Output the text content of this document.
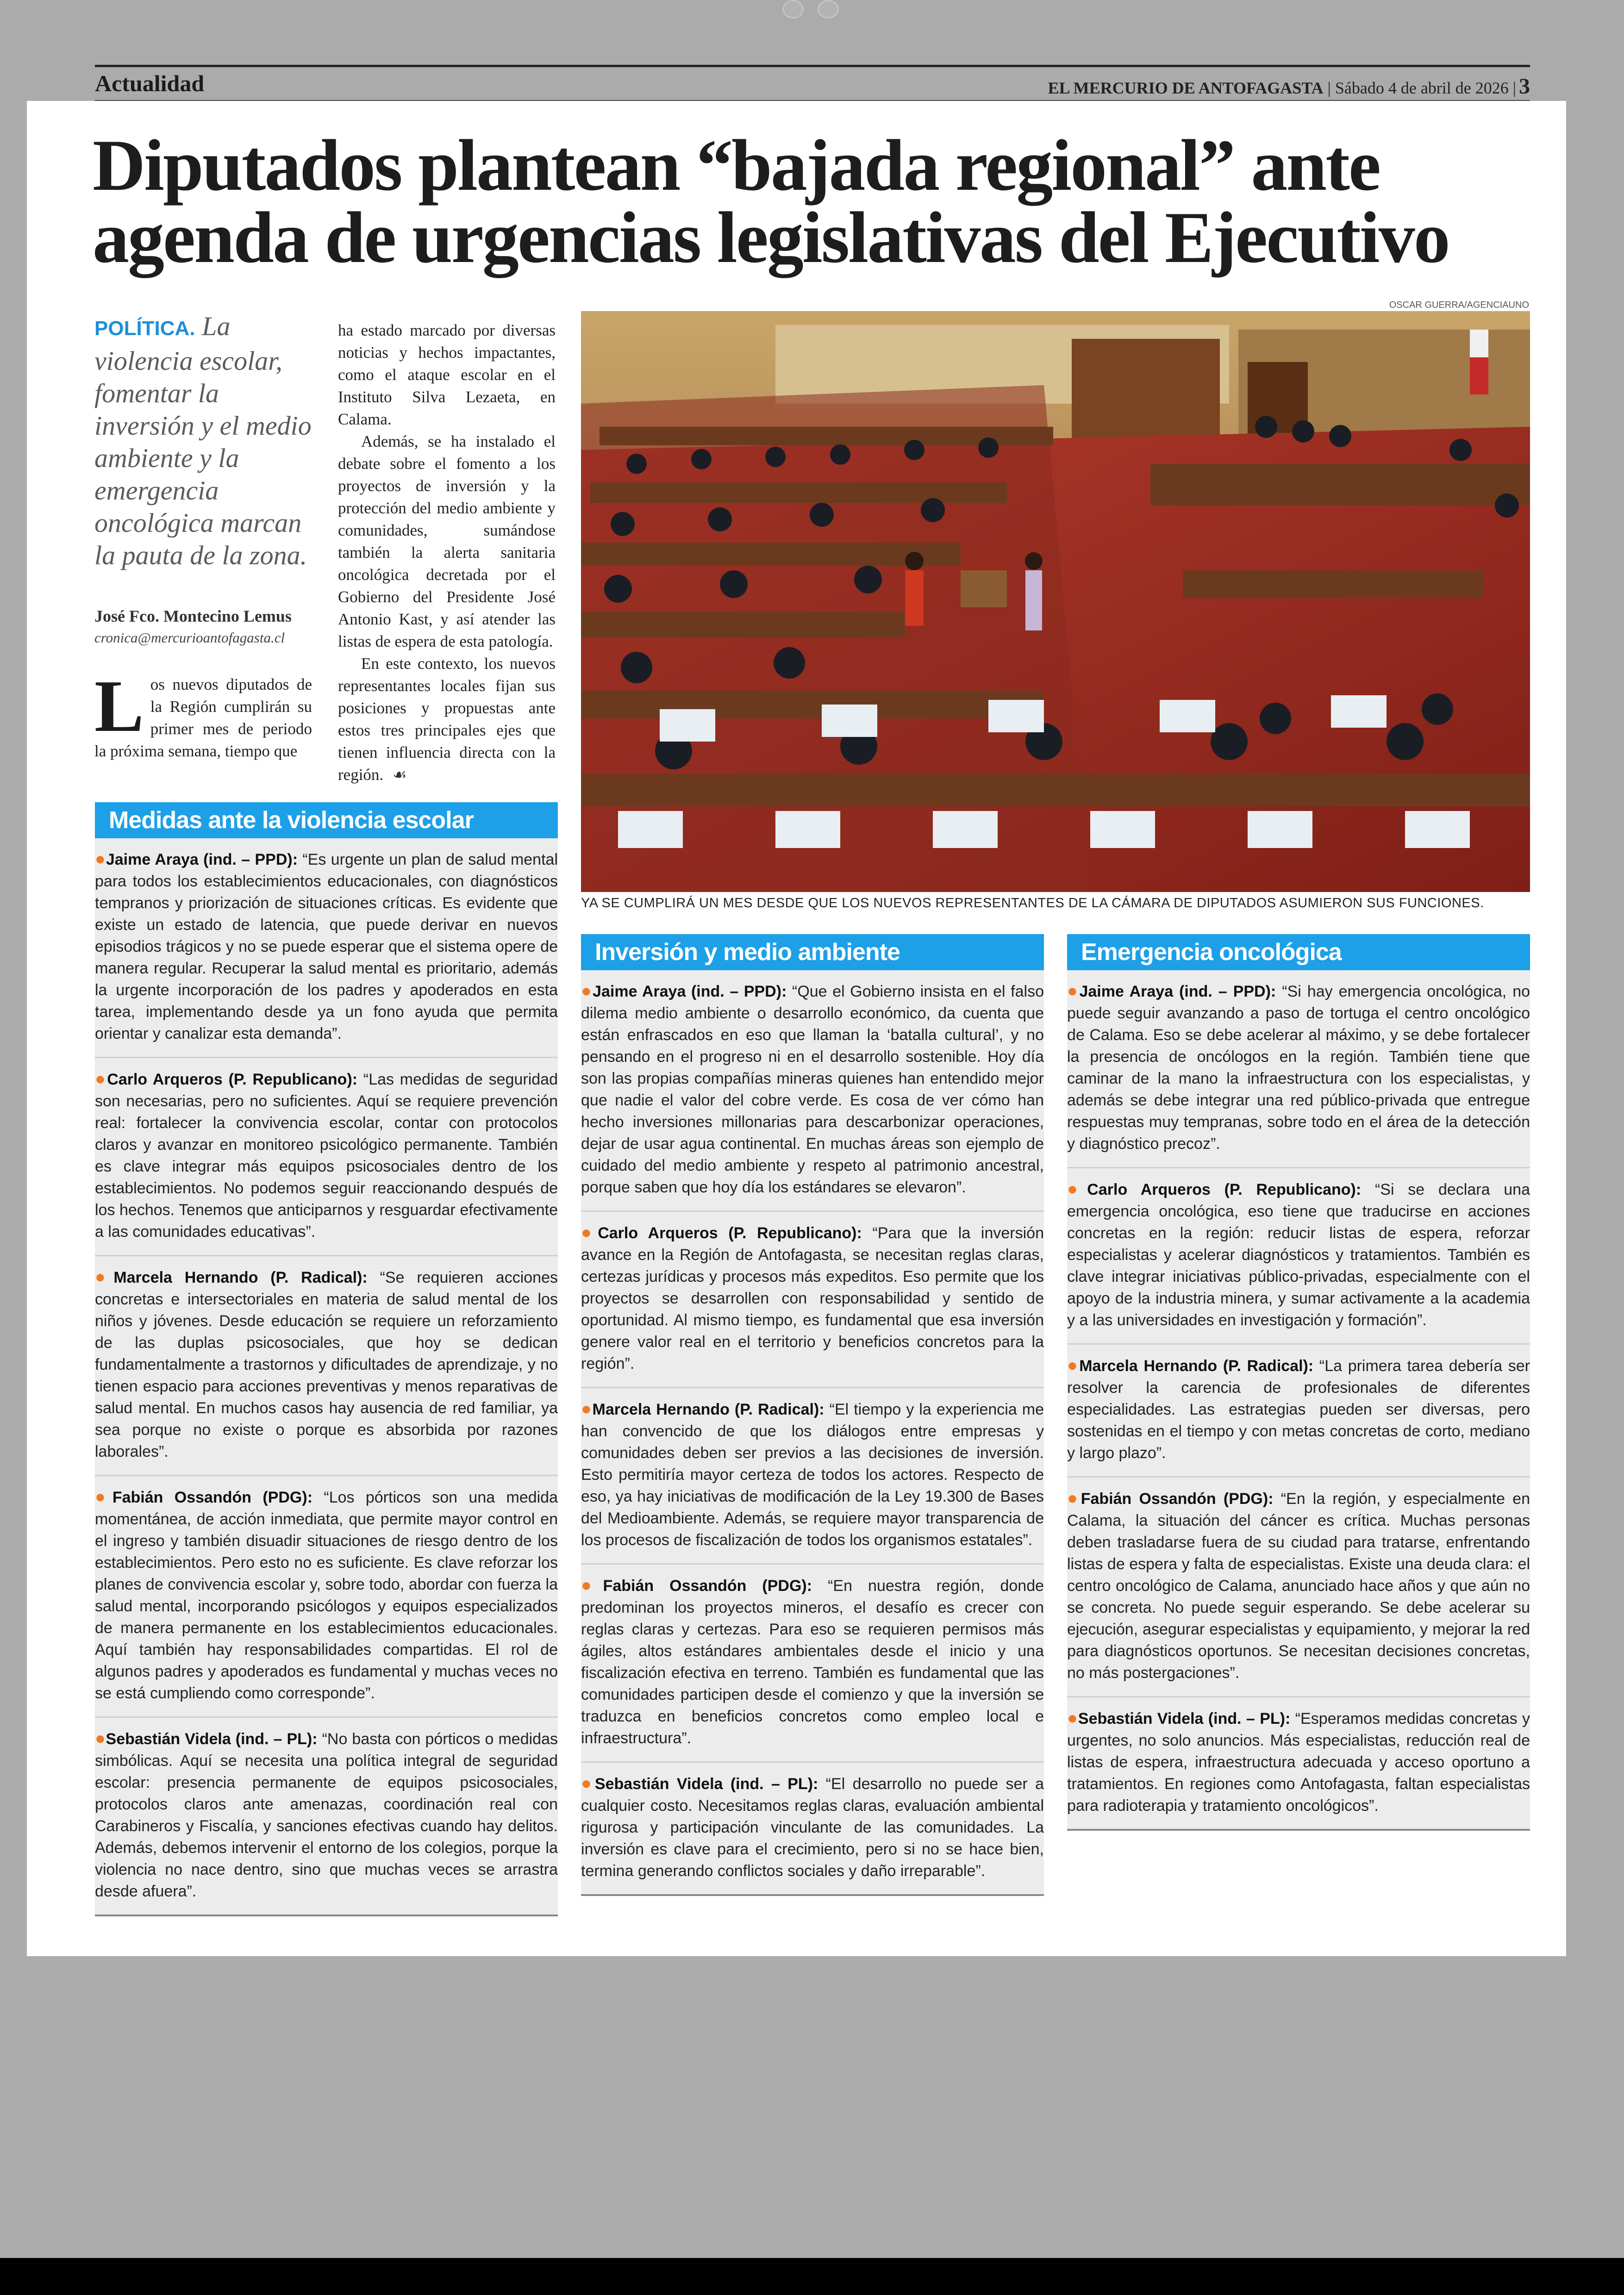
Actualidad	EL MERCURIO DE ANTOFAGASTA | Sábado 4 de abril de 2026 | 3
Diputados plantean “bajada regional” ante agenda de urgencias legislativas del Ejecutivo

POLÍTICA. La violencia escolar, fomentar la inversión y el medio ambiente y la emergencia oncológica marcan la pauta de la zona.

José Fco. Montecino Lemus
cronica@mercurioantofagasta.cl

Los nuevos diputados de la Región cumplirán su primer mes de periodo la próxima semana, tiempo que

ha estado marcado por diversas noticias y hechos impactantes, como el ataque escolar en el Instituto Silva Lezaeta, en Calama.

Además, se ha instalado el debate sobre el fomento a los proyectos de inversión y la protección del medio ambiente y comunidades, sumándose también la alerta sanitaria oncológica decretada por el Gobierno del Presidente José Antonio Kast, y así atender las listas de espera de esta patología.

En este contexto, los nuevos representantes locales fijan sus posiciones y propuestas ante estos tres principales ejes que tienen influencia directa con la región. ☙

OSCAR GUERRA/AGENCIAUNO
YA SE CUMPLIRÁ UN MES DESDE QUE LOS NUEVOS REPRESENTANTES DE LA CÁMARA DE DIPUTADOS ASUMIERON SUS FUNCIONES.
Medidas ante la violencia escolar

●Jaime Araya (ind. – PPD): “Es urgente un plan de salud mental para todos los establecimientos educacionales, con diagnósticos tempranos y priorización de situaciones críticas. Es evidente que existe un estado de latencia, que puede derivar en nuevos episodios trágicos y no se puede esperar que el sistema opere de manera regular. Recuperar la salud mental es prioritario, además la urgente incorporación de los padres y apoderados en esta tarea, implementando desde ya un fono ayuda que permita orientar y canalizar esta demanda”.

●Carlo Arqueros (P. Republicano): “Las medidas de seguridad son necesarias, pero no suficientes. Aquí se requiere prevención real: fortalecer la convivencia escolar, contar con protocolos claros y avanzar en monitoreo psicológico permanente. También es clave integrar más equipos psicosociales dentro de los establecimientos. No podemos seguir reaccionando después de los hechos. Tenemos que anticiparnos y resguardar efectivamente a las comunidades educativas”.

●Marcela Hernando (P. Radical): “Se requieren acciones concretas e intersectoriales en materia de salud mental de los niños y jóvenes. Desde educación se requiere un reforzamiento de las duplas psicosociales, que hoy se dedican fundamentalmente a trastornos y dificultades de aprendizaje, y no tienen espacio para acciones preventivas y menos reparativas de salud mental. En muchos casos hay ausencia de red familiar, ya sea porque no existe o porque es absorbida por razones laborales”.

●Fabián Ossandón (PDG): “Los pórticos son una medida momentánea, de acción inmediata, que permite mayor control en el ingreso y también disuadir situaciones de riesgo dentro de los establecimientos. Pero esto no es suficiente. Es clave reforzar los planes de convivencia escolar y, sobre todo, abordar con fuerza la salud mental, incorporando psicólogos y equipos especializados de manera permanente en los establecimientos educacionales. Aquí también hay responsabilidades compartidas. El rol de algunos padres y apoderados es fundamental y muchas veces no se está cumpliendo como corresponde”.

●Sebastián Videla (ind. – PL): “No basta con pórticos o medidas simbólicas. Aquí se necesita una política integral de seguridad escolar: presencia permanente de equipos psicosociales, protocolos claros ante amenazas, coordinación real con Carabineros y Fiscalía, y sanciones efectivas cuando hay delitos. Además, debemos intervenir el entorno de los colegios, porque la violencia no nace dentro, sino que muchas veces se arrastra desde afuera”.

Inversión y medio ambiente

●Jaime Araya (ind. – PPD): “Que el Gobierno insista en el falso dilema medio ambiente o desarrollo económico, da cuenta que están enfrascados en eso que llaman la ‘batalla cultural’, y no pensando en el progreso ni en el desarrollo sostenible. Hoy día son las propias compañías mineras quienes han entendido mejor que nadie el valor del cobre verde. Es cosa de ver cómo han hecho inversiones millonarias para descarbonizar operaciones, dejar de usar agua continental. En muchas áreas son ejemplo de cuidado del medio ambiente y respeto al patrimonio ancestral, porque saben que hoy día los estándares se elevaron”.

●Carlo Arqueros (P. Republicano): “Para que la inversión avance en la Región de Antofagasta, se necesitan reglas claras, certezas jurídicas y procesos más expeditos. Eso permite que los proyectos se desarrollen con responsabilidad y sentido de oportunidad. Al mismo tiempo, es fundamental que esa inversión genere valor real en el territorio y beneficios concretos para la región”.

●Marcela Hernando (P. Radical): “El tiempo y la experiencia me han convencido de que los diálogos entre empresas y comunidades deben ser previos a las decisiones de inversión. Esto permitiría mayor certeza de todos los actores. Respecto de eso, ya hay iniciativas de modificación de la Ley 19.300 de Bases del Medioambiente. Además, se requiere mayor transparencia de los procesos de fiscalización de todos los organismos estatales”.

●Fabián Ossandón (PDG): “En nuestra región, donde predominan los proyectos mineros, el desafío es crecer con reglas claras y certezas. Para eso se requieren permisos más ágiles, altos estándares ambientales desde el inicio y una fiscalización efectiva en terreno. También es fundamental que las comunidades participen desde el comienzo y que la inversión se traduzca en beneficios concretos como empleo local e infraestructura”.

●Sebastián Videla (ind. – PL): “El desarrollo no puede ser a cualquier costo. Necesitamos reglas claras, evaluación ambiental rigurosa y participación vinculante de las comunidades. La inversión es clave para el crecimiento, pero si no se hace bien, termina generando conflictos sociales y daño irreparable”.

Emergencia oncológica

●Jaime Araya (ind. – PPD): “Si hay emergencia oncológica, no puede seguir avanzando a paso de tortuga el centro oncológico de Calama. Eso se debe acelerar al máximo, y se debe fortalecer la presencia de oncólogos en la región. También tiene que caminar de la mano la infraestructura con los especialistas, y además se debe integrar una red público-privada que entregue respuestas muy tempranas, sobre todo en el área de la detección y diagnóstico precoz”.

●Carlo Arqueros (P. Republicano): “Si se declara una emergencia oncológica, eso tiene que traducirse en acciones concretas en la región: reducir listas de espera, reforzar especialistas y acelerar diagnósticos y tratamientos. También es clave integrar iniciativas público-privadas, especialmente con el apoyo de la industria minera, y sumar activamente a la academia y a las universidades en investigación y formación”.

●Marcela Hernando (P. Radical): “La primera tarea debería ser resolver la carencia de profesionales de diferentes especialidades. Las estrategias pueden ser diversas, pero sostenidas en el tiempo y con metas concretas de corto, mediano y largo plazo”.

●Fabián Ossandón (PDG): “En la región, y especialmente en Calama, la situación del cáncer es crítica. Muchas personas deben trasladarse fuera de su ciudad para tratarse, enfrentando listas de espera y falta de especialistas. Existe una deuda clara: el centro oncológico de Calama, anunciado hace años y que aún no se concreta. No puede seguir esperando. Se debe acelerar su ejecución, asegurar especialistas y equipamiento, y mejorar la red para diagnósticos oportunos. Se necesitan decisiones concretas, no más postergaciones”.

●Sebastián Videla (ind. – PL): “Esperamos medidas concretas y urgentes, no solo anuncios. Más especialistas, reducción real de listas de espera, infraestructura adecuada y acceso oportuno a tratamientos. En regiones como Antofagasta, faltan especialistas para radioterapia y tratamiento oncológicos”.
